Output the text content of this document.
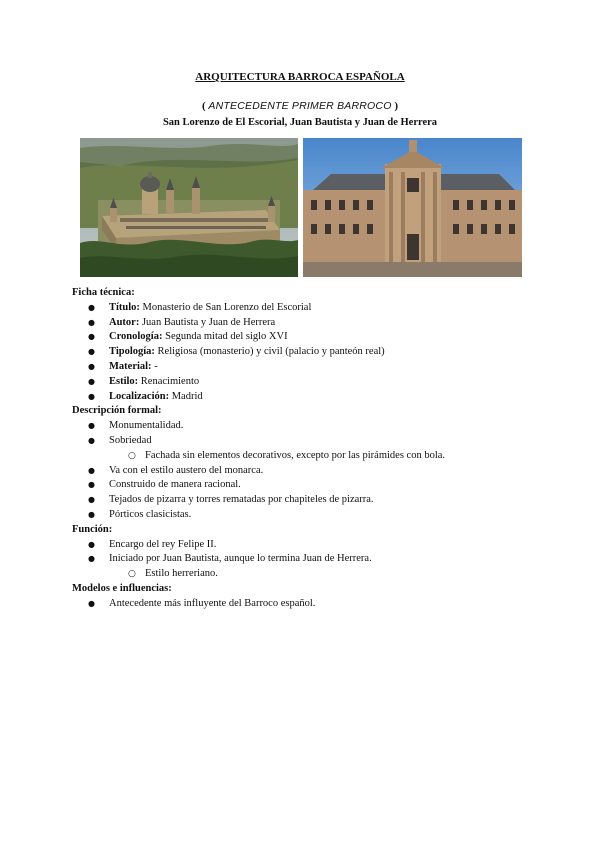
ARQUITECTURA BARROCA ESPAÑOLA
( ANTECEDENTE PRIMER BARROCO )
San Lorenzo de El Escorial, Juan Bautista y Juan de Herrera
Ficha técnica:
● Título: Monasterio de San Lorenzo del Escorial
● Autor: Juan Bautista y Juan de Herrera
● Cronología: Segunda mitad del siglo XVI
● Tipología: Religiosa (monasterio) y civil (palacio y panteón real)
● Material: -
● Estilo: Renacimiento
● Localización: Madrid
Descripción formal:
● Monumentalidad.
● Sobriedad
○ Fachada sin elementos decorativos, excepto por las pirámides con bola.
● Va con el estilo austero del monarca.
● Construido de manera racional.
● Tejados de pizarra y torres rematadas por chapiteles de pizarra.
● Pórticos clasicistas.
Función:
● Encargo del rey Felipe II.
● Iniciado por Juan Bautista, aunque lo termina Juan de Herrera.
○ Estilo herreriano.
Modelos e influencias:
● Antecedente más influyente del Barroco español.
